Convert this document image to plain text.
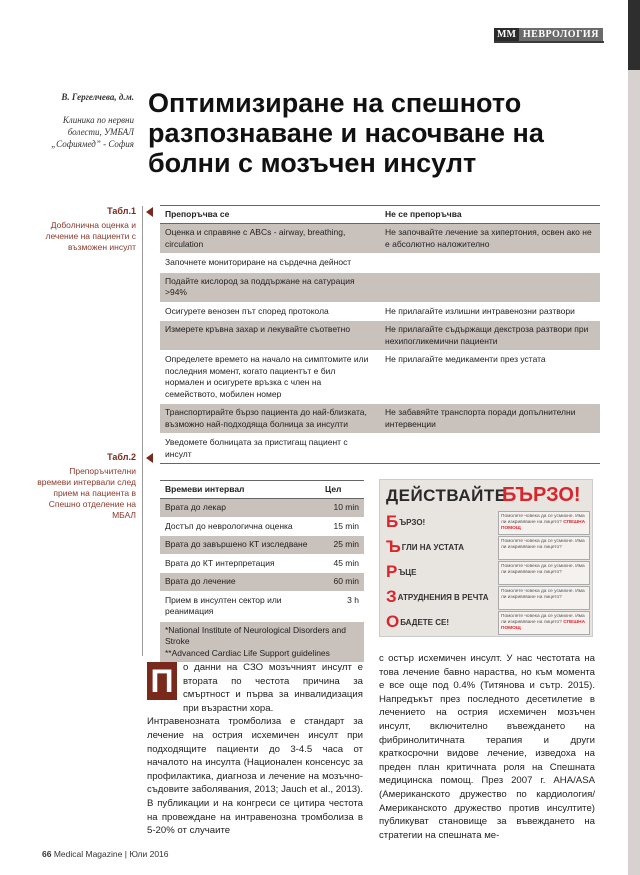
MM НЕВРОЛОГИЯ
В. Гергелчева, д.м.
Клиника по нервни болести, УМБАЛ „Софиямед” - София
Оптимизиране на спешното разпознаване и насочване на болни с мозъчен инсулт
Табл.1
Доболнична оценка и лечение на пациенти с възможен инсулт
Препоръчва се	Не се препоръчва
Оценка и справяне с ABCs - airway, breathing, circulation	Не започвайте лечение за хипертония, освен ако не е абсолютно наложително
Започнете мониториране на сърдечна дейност	
Подайте кислород за поддържане на сатурация >94%	
Осигурете венозен път според протокола	Не прилагайте излишни интравенозни разтвори
Измерете кръвна захар и лекувайте съответно	Не прилагайте съдържащи декстроза разтвори при нехипогликемични пациенти
Определете времето на начало на симптомите или последния момент, когато пациентът е бил нормален и осигурете връзка с член на семейството, мобилен номер	Не прилагайте медикаменти през устата
Транспортирайте бързо пациента до най-близката, възможно най-подходяща болница за инсулти	Не забавяйте транспорта поради допълнителни интервенции
Уведомете болницата за пристигащ пациент с инсулт	
Табл.2
Препоръчителни времеви интервали след прием на пациента в Спешно отделение на МБАЛ
Времеви интервал	Цел
Врата до лекар	10 min
Достъп до неврологична оценка	15 min
Врата до завършено КТ изследване	25 min
Врата до КТ интерпретация	45 min
Врата до лечение	60 min
Прием в инсултен сектор или реанимация	3 h

*National Institute of Neurological Disorders and Stroke
**Advanced Cardiac Life Support guidelines	
ДЕЙСТВАЙТЕ
БЪРЗО!
Б ЪРЗО!
Ъ ГЛИ НА УСТАТА
Р ЪЦЕ
З АТРУДНЕНИЯ В РЕЧТА
О БАДЕТЕ СЕ!
Помолете човека да се усмихне. Има ли изкривяване на лицето? СПЕШНА ПОМОЩ
Помолете човека да се усмихне. Има ли изкривяване на лицето?
Помолете човека да се усмихне. Има ли изкривяване на лицето?
Помолете човека да се усмихне. Има ли изкривяване на лицето?
Помолете човека да се усмихне. Има ли изкривяване на лицето? СПЕШНА ПОМОЩ
П о данни на СЗО мозъчният инсулт е втората по честота причина за смъртност и първа за инвалидизация при възрастни хора.
Интравенозната тромболиза е стандарт за лечение на острия исхемичен инсулт при подходящите пациенти до 3-4.5 часа от началото на инсулта (Национален консенсус за профилактика, диагноза и лечение на мозъчно-съдовите заболявания, 2013; Jauch et al., 2013). В публикации и на конгреси се цитира честота на провеждане на интравенозна тромболиза в 5-20% от случаите
с остър исхемичен инсулт. У нас честотата на това лечение бавно нараства, но към момента е все още под 0.4% (Титянова и сътр. 2015). Напредъкът през последното десетилетие в лечението на острия исхемичен мозъчен инсулт, включително въвеждането на фибринолитичната терапия и други краткосрочни видове лечение, изведоха на преден план критичната роля на Спешната медицинска помощ. През 2007 г. AHA/ASA (Американското дружество по кардиология/Американското дружество против инсултите) публикуват становище за въвеждането на стратегии на спешната ме-
66 Medical Magazine | Юли 2016
